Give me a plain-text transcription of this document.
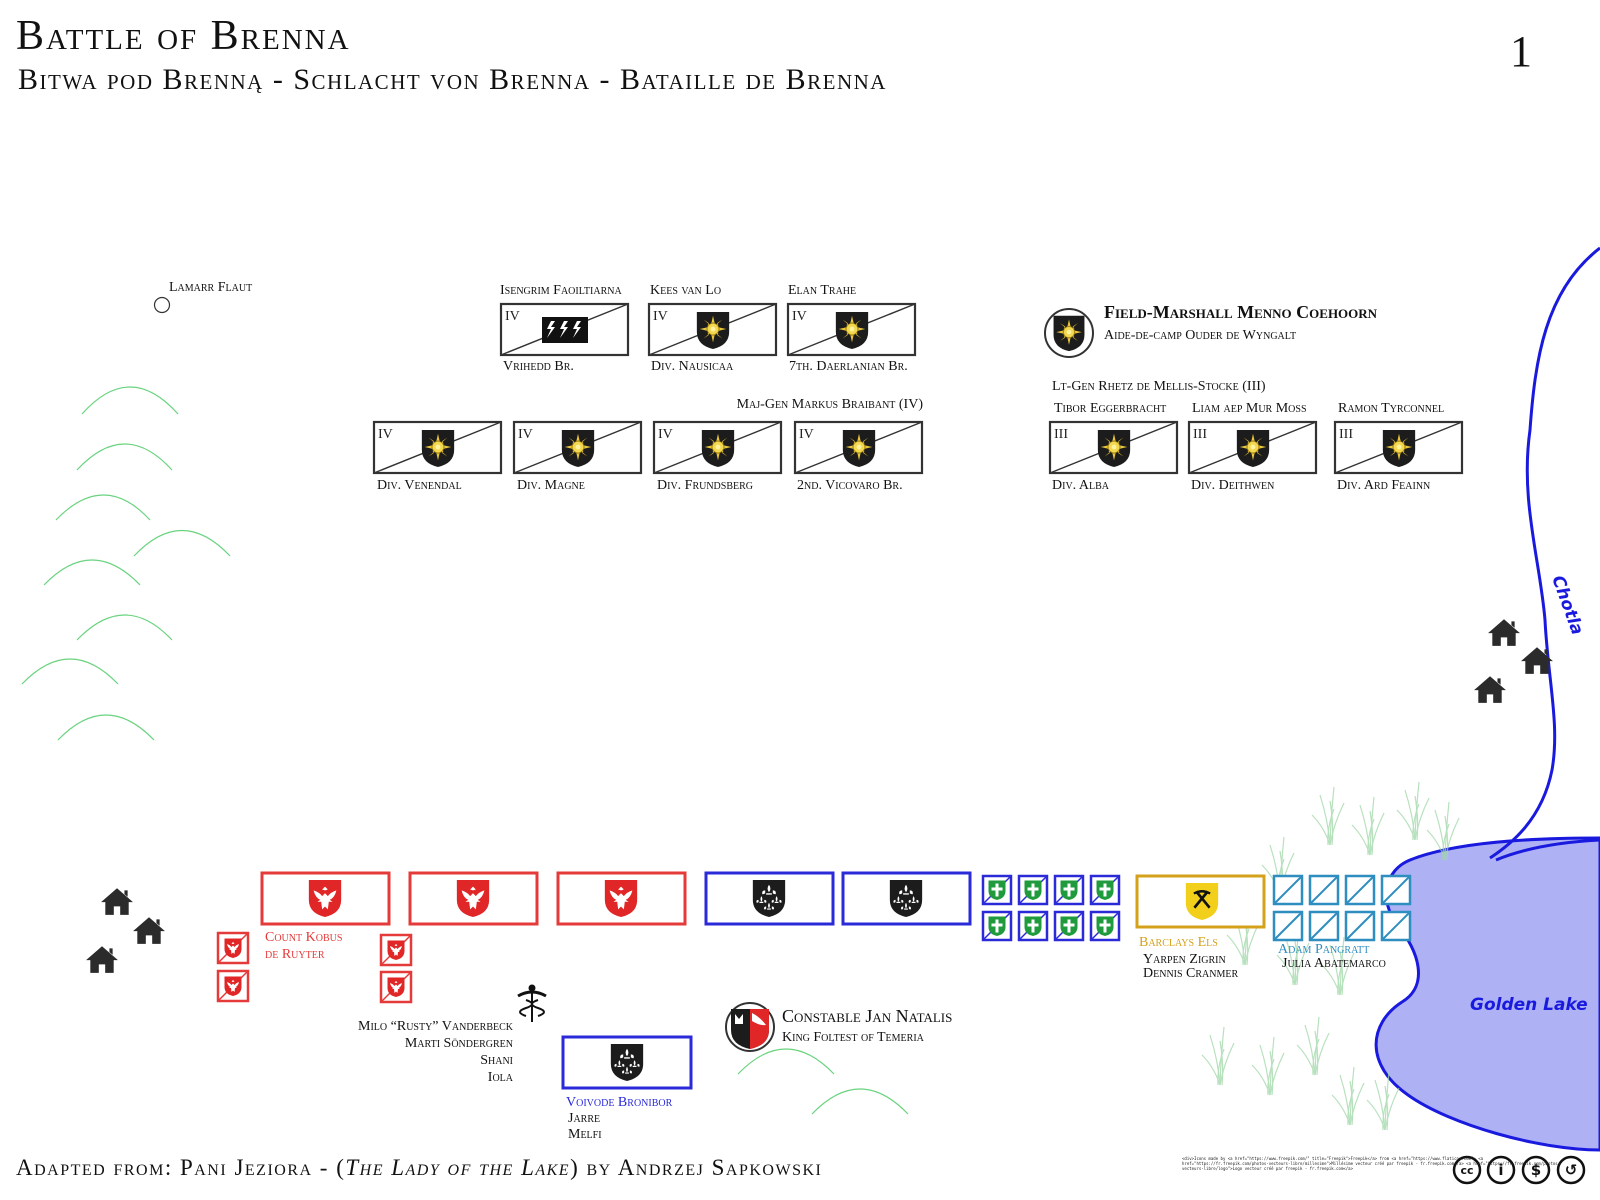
IV	IV	IV
IV	IV	IV	IV	III	III	III
Chotla
Golden Lake
cc i $ ↺
Battle of Brenna
Bitwa pod Brenną - Schlacht von Brenna - Bataille de Brenna
1
Lamarr Flaut	Isengrim Faoiltiarna Kees van Lo	Elan Trahe
Vrihedd Br.	Div. Nausicaa	7th. Daerlanian Br.
Maj-Gen Markus Braibant (IV)
Div. Venendal	Div. Magne	Div. Frundsberg	2nd. Vicovaro Br.
Field-Marshall Menno Coehoorn
Aide-de-camp Ouder de Wyngalt
Lt-Gen Rhetz de Mellis-Stocke (III)
Tibor Eggerbracht Liam aep Mur Moss Ramon Tyrconnel
Div. Alba	Div. Deithwen	Div. Ard Feainn
Count Kobus
de Ruyter
Milo “Rusty” Vanderbeck
Marti Söndergren
Shani
Iola
Constable Jan Natalis
King Foltest of Temeria
Voivode Bronibor
Jarre
Melfi
Barclays Els
Yarpen Zigrin
Dennis Cranmer
Adam Pangratt
Julia Abatemarco
Adapted from: Pani Jeziora - (The Lady of the Lake) by Andrzej Sapkowski	<div>Icons made by <a href="https://www.freepik.com/" title="Freepik">Freepik</a> from <a href="https://www.flaticon.com"> <a href="https://fr.freepik.com/photos-vecteurs-libre/millesime">Millésime vecteur créé par freepik - fr.freepik.com</a> <a href="https://fr.freepik.com/photos-vecteurs-libre/logo">Logo vecteur créé par freepik - fr.freepik.com</a>
